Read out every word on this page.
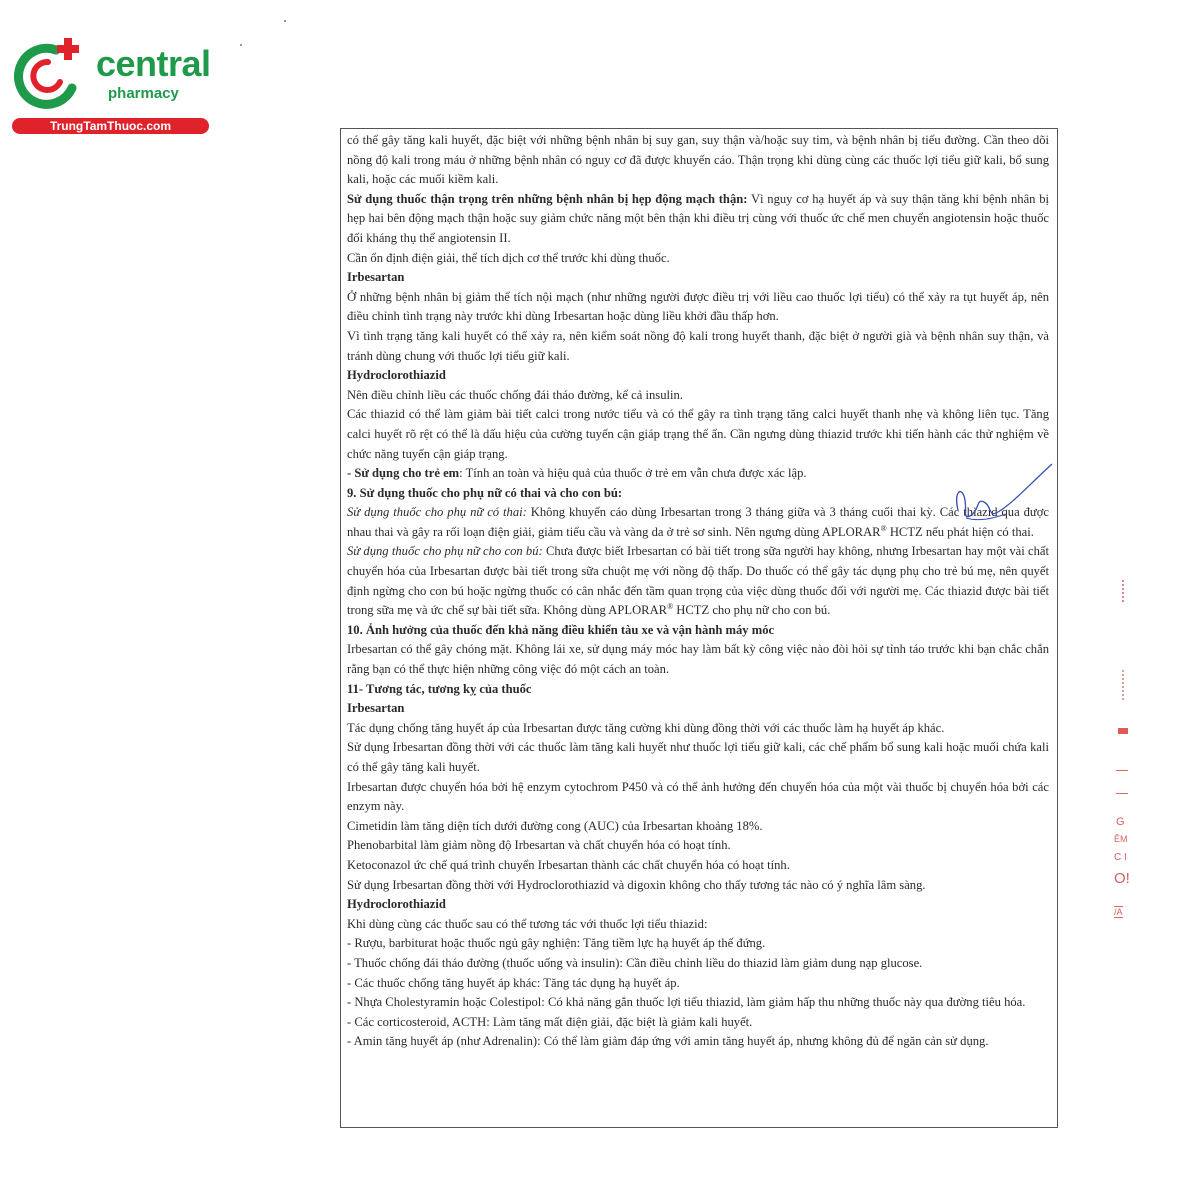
central
pharmacy
TrungTamThuoc.com

có thể gây tăng kali huyết, đặc biệt với những bệnh nhân bị suy gan, suy thận và/hoặc suy tim, và bệnh nhân bị tiểu đường. Cần theo dõi nồng độ kali trong máu ở những bệnh nhân có nguy cơ đã được khuyến cáo. Thận trọng khi dùng cùng các thuốc lợi tiểu giữ kali, bổ sung kali, hoặc các muối kiềm kali.

Sử dụng thuốc thận trọng trên những bệnh nhân bị hẹp động mạch thận: Vì nguy cơ hạ huyết áp và suy thận tăng khi bệnh nhân bị hẹp hai bên động mạch thận hoặc suy giảm chức năng một bên thận khi điều trị cùng với thuốc ức chế men chuyển angiotensin hoặc thuốc đối kháng thụ thể angiotensin II.

Cần ổn định điện giải, thể tích dịch cơ thể trước khi dùng thuốc.

Irbesartan

Ở những bệnh nhân bị giảm thể tích nội mạch (như những người được điều trị với liều cao thuốc lợi tiểu) có thể xảy ra tụt huyết áp, nên điều chỉnh tình trạng này trước khi dùng Irbesartan hoặc dùng liều khởi đầu thấp hơn.

Vì tình trạng tăng kali huyết có thể xảy ra, nên kiểm soát nồng độ kali trong huyết thanh, đặc biệt ở người già và bệnh nhân suy thận, và tránh dùng chung với thuốc lợi tiểu giữ kali.

Hydroclorothiazid

Nên điều chỉnh liều các thuốc chống đái tháo đường, kể cả insulin.

Các thiazid có thể làm giảm bài tiết calci trong nước tiểu và có thể gây ra tình trạng tăng calci huyết thanh nhẹ và không liên tục. Tăng calci huyết rõ rệt có thể là dấu hiệu của cường tuyến cận giáp trạng thể ẩn. Cần ngưng dùng thiazid trước khi tiến hành các thử nghiệm về chức năng tuyến cận giáp trạng.

- Sử dụng cho trẻ em: Tính an toàn và hiệu quả của thuốc ở trẻ em vẫn chưa được xác lập.

9. Sử dụng thuốc cho phụ nữ có thai và cho con bú:

Sử dụng thuốc cho phụ nữ có thai: Không khuyến cáo dùng Irbesartan trong 3 tháng giữa và 3 tháng cuối thai kỳ. Các thiazid qua được nhau thai và gây ra rối loạn điện giải, giảm tiểu cầu và vàng da ở trẻ sơ sinh. Nên ngưng dùng APLORAR® HCTZ nếu phát hiện có thai.

Sử dụng thuốc cho phụ nữ cho con bú: Chưa được biết Irbesartan có bài tiết trong sữa người hay không, nhưng Irbesartan hay một vài chất chuyển hóa của Irbesartan được bài tiết trong sữa chuột mẹ với nồng độ thấp. Do thuốc có thể gây tác dụng phụ cho trẻ bú mẹ, nên quyết định ngừng cho con bú hoặc ngừng thuốc có cân nhắc đến tầm quan trọng của việc dùng thuốc đối với người mẹ. Các thiazid được bài tiết trong sữa mẹ và ức chế sự bài tiết sữa. Không dùng APLORAR® HCTZ cho phụ nữ cho con bú.

10. Ảnh hưởng của thuốc đến khả năng điều khiển tàu xe và vận hành máy móc

Irbesartan có thể gây chóng mặt. Không lái xe, sử dụng máy móc hay làm bất kỳ công việc nào đòi hỏi sự tỉnh táo trước khi bạn chắc chắn rằng bạn có thể thực hiện những công việc đó một cách an toàn.

11- Tương tác, tương kỵ của thuốc

Irbesartan

Tác dụng chống tăng huyết áp của Irbesartan được tăng cường khi dùng đồng thời với các thuốc làm hạ huyết áp khác.

Sử dụng Irbesartan đồng thời với các thuốc làm tăng kali huyết như thuốc lợi tiểu giữ kali, các chế phẩm bổ sung kali hoặc muối chứa kali có thể gây tăng kali huyết.

Irbesartan được chuyển hóa bởi hệ enzym cytochrom P450 và có thể ảnh hưởng đến chuyển hóa của một vài thuốc bị chuyển hóa bởi các enzym này.

Cimetidin làm tăng diện tích dưới đường cong (AUC) của Irbesartan khoảng 18%.

Phenobarbital làm giảm nồng độ Irbesartan và chất chuyển hóa có hoạt tính.

Ketoconazol ức chế quá trình chuyển Irbesartan thành các chất chuyển hóa có hoạt tính.

Sử dụng Irbesartan đồng thời với Hydroclorothiazid và digoxin không cho thấy tương tác nào có ý nghĩa lâm sàng.

Hydroclorothiazid

Khi dùng cùng các thuốc sau có thể tương tác với thuốc lợi tiểu thiazid:

- Rượu, barbiturat hoặc thuốc ngủ gây nghiện: Tăng tiềm lực hạ huyết áp thế đứng.

- Thuốc chống đái tháo đường (thuốc uống và insulin): Cần điều chỉnh liều do thiazid làm giảm dung nạp glucose.

- Các thuốc chống tăng huyết áp khác: Tăng tác dụng hạ huyết áp.

- Nhựa Cholestyramin hoặc Colestipol: Có khả năng gắn thuốc lợi tiểu thiazid, làm giảm hấp thu những thuốc này qua đường tiêu hóa.

- Các corticosteroid, ACTH: Làm tăng mất điện giải, đặc biệt là giảm kali huyết.

- Amin tăng huyết áp (như Adrenalin): Có thể làm giảm đáp ứng với amin tăng huyết áp, nhưng không đủ để ngăn cản sử dụng.

G
ÊM
C I
O!
/A
